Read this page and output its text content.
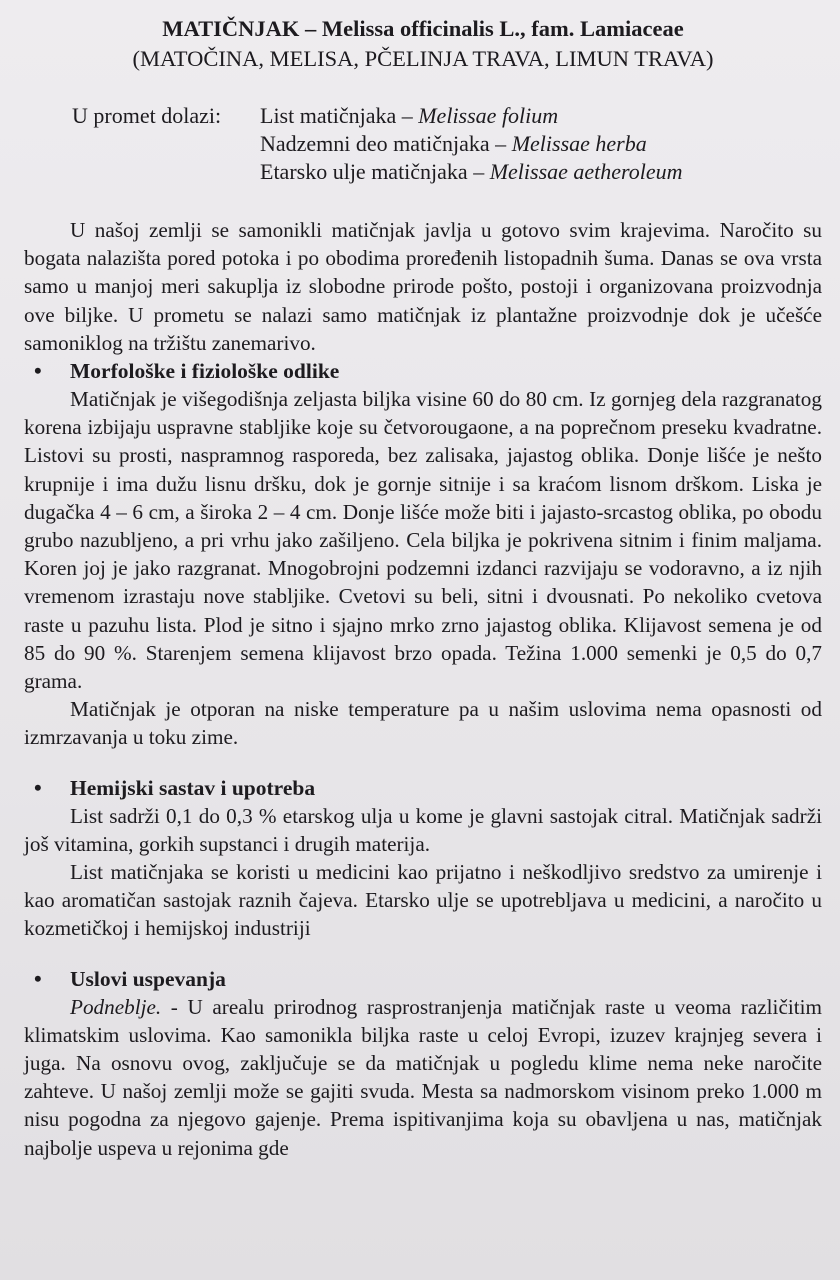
MATIČNJAK – Melissa officinalis L., fam. Lamiaceae
(MATOČINA, MELISA, PČELINJA TRAVA, LIMUN TRAVA)
U promet dolazi:	List matičnjaka – Melissae folium
Nadzemni deo matičnjaka – Melissae herba
Etarsko ulje matičnjaka – Melissae aetheroleum

U našoj zemlji se samonikli matičnjak javlja u gotovo svim krajevima. Naročito su bogata nalazišta pored potoka i po obodima proređenih listopadnih šuma. Danas se ova vrsta samo u manjoj meri sakuplja iz slobodne prirode pošto, postoji i organizovana proizvodnja ove biljke. U prometu se nalazi samo matičnjak iz plantažne proizvodnje dok je učešće samoniklog na tržištu zanemarivo.

•	Morfološke i fiziološke odlike

Matičnjak je višegodišnja zeljasta biljka visine 60 do 80 cm. Iz gornjeg dela razgranatog korena izbijaju uspravne stabljike koje su četvorougaone, a na poprečnom preseku kvadratne. Listovi su prosti, naspramnog rasporeda, bez zalisaka, jajastog oblika. Donje lišće je nešto krupnije i ima dužu lisnu dršku, dok je gornje sitnije i sa kraćom lisnom drškom. Liska je dugačka 4 – 6 cm, a široka 2 – 4 cm. Donje lišće može biti i jajasto-srcastog oblika, po obodu grubo nazubljeno, a pri vrhu jako zašiljeno. Cela biljka je pokrivena sitnim i finim maljama. Koren joj je jako razgranat. Mnogobrojni podzemni izdanci razvijaju se vodoravno, a iz njih vremenom izrastaju nove stabljike. Cvetovi su beli, sitni i dvousnati. Po nekoliko cvetova raste u pazuhu lista. Plod je sitno i sjajno mrko zrno jajastog oblika. Klijavost semena je od 85 do 90 %. Starenjem semena klijavost brzo opada. Težina 1.000 semenki je 0,5 do 0,7 grama.

Matičnjak je otporan na niske temperature pa u našim uslovima nema opasnosti od izmrzavanja u toku zime.

•	Hemijski sastav i upotreba

List sadrži 0,1 do 0,3 % etarskog ulja u kome je glavni sastojak citral. Matičnjak sadrži još vitamina, gorkih supstanci i drugih materija.

List matičnjaka se koristi u medicini kao prijatno i neškodljivo sredstvo za umirenje i kao aromatičan sastojak raznih čajeva. Etarsko ulje se upotrebljava u medicini, a naročito u kozmetičkoj i hemijskoj industriji

•	Uslovi uspevanja

Podneblje. - U arealu prirodnog rasprostranjenja matičnjak raste u veoma različitim klimatskim uslovima. Kao samonikla biljka raste u celoj Evropi, izuzev krajnjeg severa i juga. Na osnovu ovog, zaključuje se da matičnjak u pogledu klime nema neke naročite zahteve. U našoj zemlji može se gajiti svuda. Mesta sa nadmorskom visinom preko 1.000 m nisu pogodna za njegovo gajenje. Prema ispitivanjima koja su obavljena u nas, matičnjak najbolje uspeva u rejonima gde
